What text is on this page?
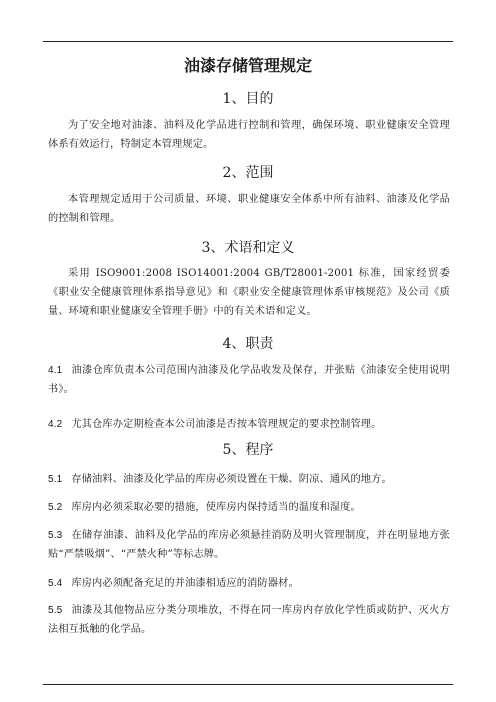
油漆存储管理规定
1、目的
为了安全地对油漆、油料及化学品进行控制和管理，确保环境、职业健康安全管理体系有效运行，特制定本管理规定。
2、范围
本管理规定适用于公司质量、环境、职业健康安全体系中所有油料、油漆及化学品的控制和管理。
3、术语和定义
采用 ISO9001:2008 ISO14001:2004 GB/T28001-2001 标准，国家经贸委《职业安全健康管理体系指导意见》和《职业安全健康管理体系审核规范》及公司《质量、环境和职业健康安全管理手册》中的有关术语和定义。
4、职责
4.1 油漆仓库负责本公司范围内油漆及化学品收发及保存，并张贴《油漆安全使用说明书》。
4.2 尤其仓库办定期检查本公司油漆是否按本管理规定的要求控制管理。
5、程序
5.1 存储油料、油漆及化学品的库房必须设置在干燥、阴凉、通风的地方。
5.2 库房内必须采取必要的措施，使库房内保持适当的温度和湿度。
5.3 在储存油漆、油料及化学品的库房必须悬挂消防及明火管理制度，并在明显地方张贴“严禁吸烟”、“严禁火种”等标志牌。
5.4 库房内必须配备充足的并油漆相适应的消防器材。
5.5 油漆及其他物品应分类分项堆放，不得在同一库房内存放化学性质或防护、灭火方法相互抵触的化学品。
